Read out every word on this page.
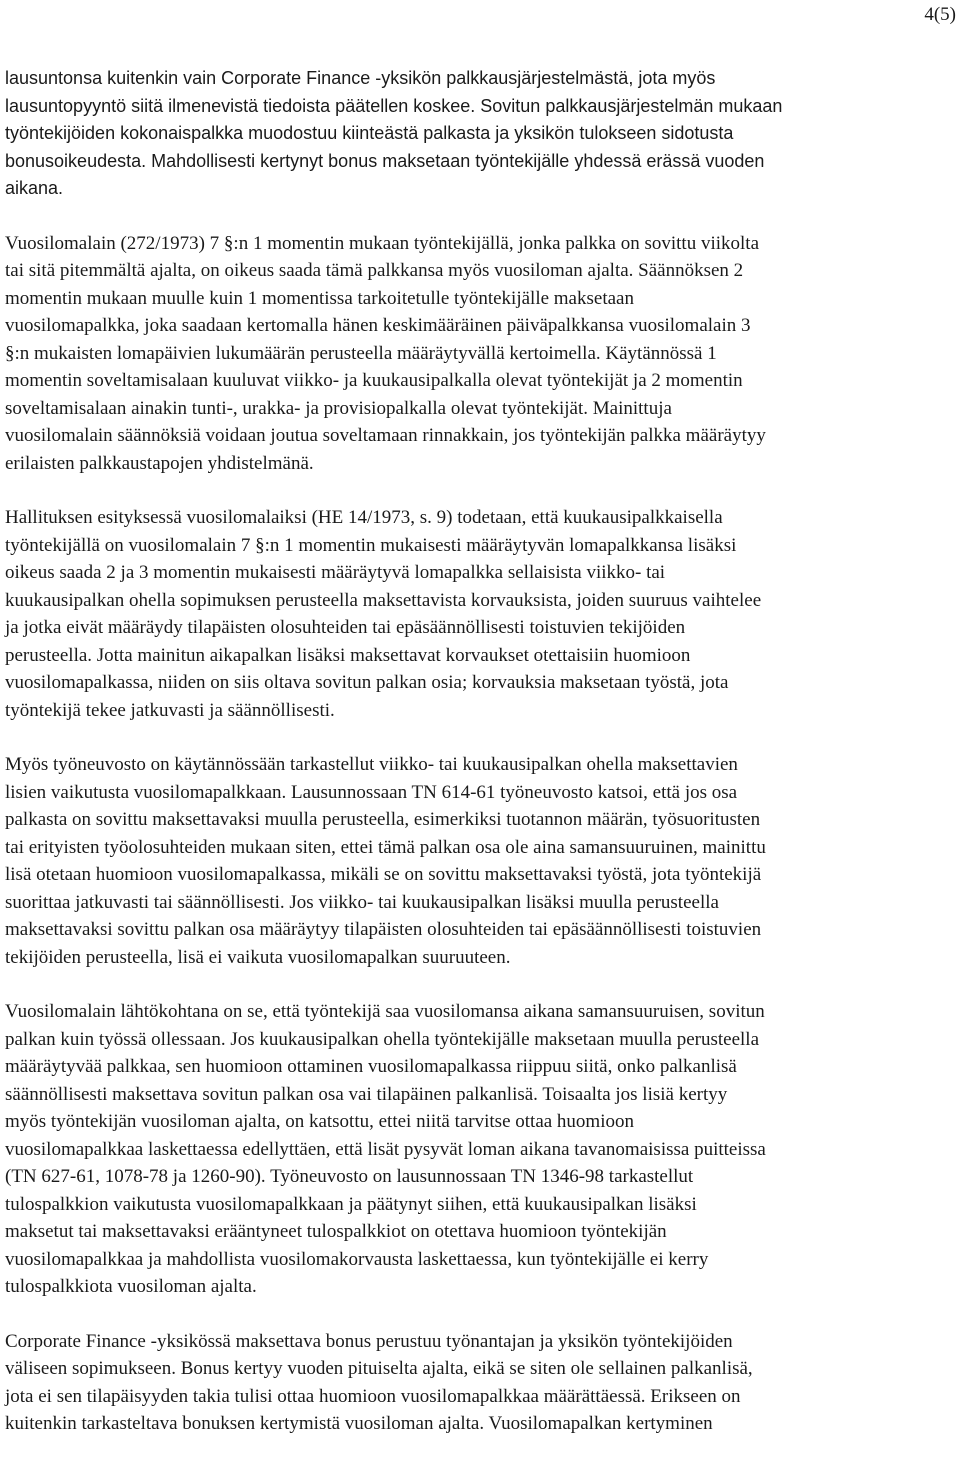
4(5)
lausuntonsa kuitenkin vain Corporate Finance -yksikön palkkausjärjestelmästä, jota myös
lausuntopyyntö siitä ilmenevistä tiedoista päätellen koskee. Sovitun palkkausjärjestelmän mukaan
työntekijöiden kokonaispalkka muodostuu kiinteästä palkasta ja yksikön tulokseen sidotusta
bonusoikeudesta. Mahdollisesti kertynyt bonus maksetaan työntekijälle yhdessä erässä vuoden
aikana.
Vuosilomalain (272/1973) 7 §:n 1 momentin mukaan työntekijällä, jonka palkka on sovittu viikolta
tai sitä pitemmältä ajalta, on oikeus saada tämä palkkansa myös vuosiloman ajalta. Säännöksen 2
momentin mukaan muulle kuin 1 momentissa tarkoitetulle työntekijälle maksetaan
vuosilomapalkka, joka saadaan kertomalla hänen keskimääräinen päiväpalkkansa vuosilomalain 3
§:n mukaisten lomapäivien lukumäärän perusteella määräytyvällä kertoimella. Käytännössä 1
momentin soveltamisalaan kuuluvat viikko- ja kuukausipalkalla olevat työntekijät ja 2 momentin
soveltamisalaan ainakin tunti-, urakka- ja provisiopalkalla olevat työntekijät. Mainittuja
vuosilomalain säännöksiä voidaan joutua soveltamaan rinnakkain, jos työntekijän palkka määräytyy
erilaisten palkkaustapojen yhdistelmänä.
Hallituksen esityksessä vuosilomalaiksi (HE 14/1973, s. 9) todetaan, että kuukausipalkkaisella
työntekijällä on vuosilomalain 7 §:n 1 momentin mukaisesti määräytyvän lomapalkkansa lisäksi
oikeus saada 2 ja 3 momentin mukaisesti määräytyvä lomapalkka sellaisista viikko- tai
kuukausipalkan ohella sopimuksen perusteella maksettavista korvauksista, joiden suuruus vaihtelee
ja jotka eivät määräydy tilapäisten olosuhteiden tai epäsäännöllisesti toistuvien tekijöiden
perusteella. Jotta mainitun aikapalkan lisäksi maksettavat korvaukset otettaisiin huomioon
vuosilomapalkassa, niiden on siis oltava sovitun palkan osia; korvauksia maksetaan työstä, jota
työntekijä tekee jatkuvasti ja säännöllisesti.
Myös työneuvosto on käytännössään tarkastellut viikko- tai kuukausipalkan ohella maksettavien
lisien vaikutusta vuosilomapalkkaan. Lausunnossaan TN 614-61 työneuvosto katsoi, että jos osa
palkasta on sovittu maksettavaksi muulla perusteella, esimerkiksi tuotannon määrän, työsuoritusten
tai erityisten työolosuhteiden mukaan siten, ettei tämä palkan osa ole aina samansuuruinen, mainittu
lisä otetaan huomioon vuosilomapalkassa, mikäli se on sovittu maksettavaksi työstä, jota työntekijä
suorittaa jatkuvasti tai säännöllisesti. Jos viikko- tai kuukausipalkan lisäksi muulla perusteella
maksettavaksi sovittu palkan osa määräytyy tilapäisten olosuhteiden tai epäsäännöllisesti toistuvien
tekijöiden perusteella, lisä ei vaikuta vuosilomapalkan suuruuteen.
Vuosilomalain lähtökohtana on se, että työntekijä saa vuosilomansa aikana samansuuruisen, sovitun
palkan kuin työssä ollessaan. Jos kuukausipalkan ohella työntekijälle maksetaan muulla perusteella
määräytyvää palkkaa, sen huomioon ottaminen vuosilomapalkassa riippuu siitä, onko palkanlisä
säännöllisesti maksettava sovitun palkan osa vai tilapäinen palkanlisä. Toisaalta jos lisiä kertyy
myös työntekijän vuosiloman ajalta, on katsottu, ettei niitä tarvitse ottaa huomioon
vuosilomapalkkaa laskettaessa edellyttäen, että lisät pysyvät loman aikana tavanomaisissa puitteissa
(TN 627-61, 1078-78 ja 1260-90). Työneuvosto on lausunnossaan TN 1346-98 tarkastellut
tulospalkkion vaikutusta vuosilomapalkkaan ja päätynyt siihen, että kuukausipalkan lisäksi
maksetut tai maksettavaksi erääntyneet tulospalkkiot on otettava huomioon työntekijän
vuosilomapalkkaa ja mahdollista vuosilomakorvausta laskettaessa, kun työntekijälle ei kerry
tulospalkkiota vuosiloman ajalta.
Corporate Finance -yksikössä maksettava bonus perustuu työnantajan ja yksikön työntekijöiden
väliseen sopimukseen. Bonus kertyy vuoden pituiselta ajalta, eikä se siten ole sellainen palkanlisä,
jota ei sen tilapäisyyden takia tulisi ottaa huomioon vuosilomapalkkaa määrättäessä. Erikseen on
kuitenkin tarkasteltava bonuksen kertymistä vuosiloman ajalta. Vuosilomapalkan kertyminen
